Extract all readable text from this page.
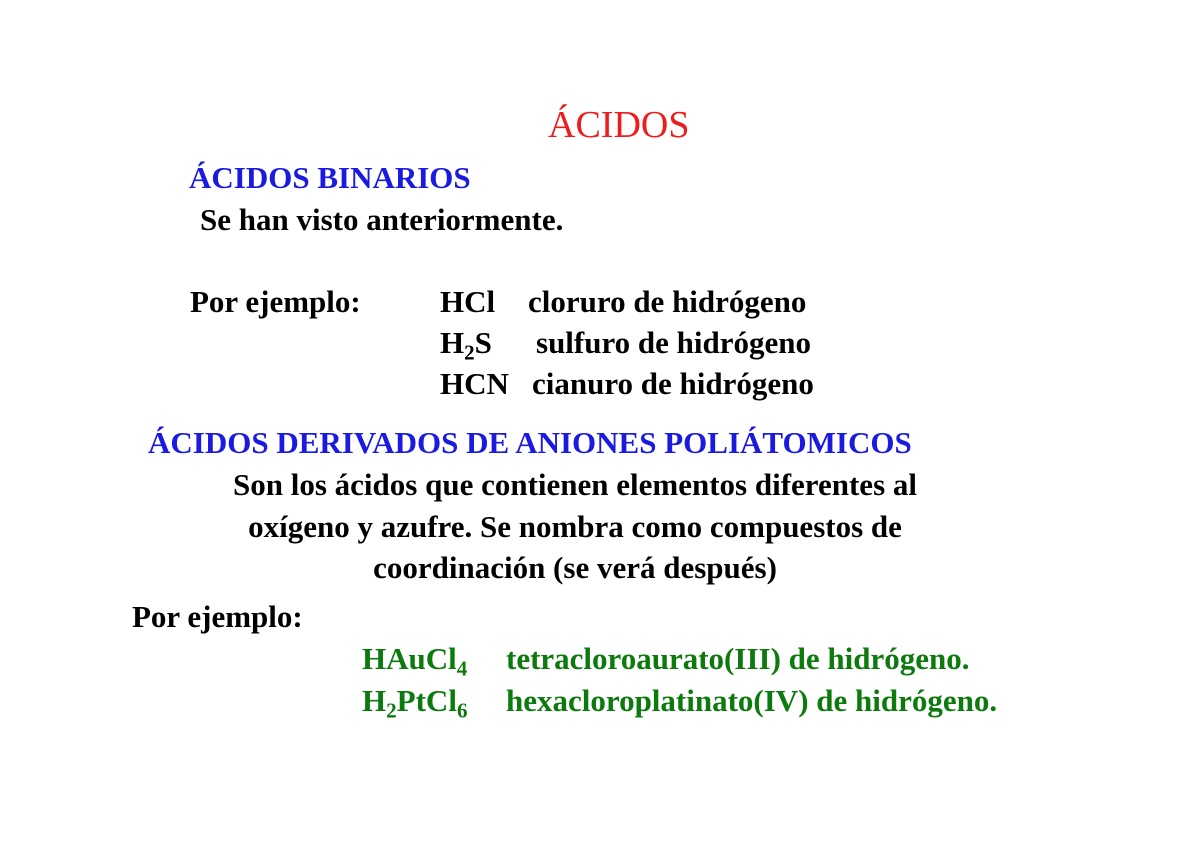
ÁCIDOS
ÁCIDOS BINARIOS
Se han visto anteriormente.
Por ejemplo:	HCl cloruro de hidrógeno
$H_2S$ sulfuro de hidrógeno
HCN cianuro de hidrógeno
ÁCIDOS DERIVADOS DE ANIONES POLIÁTOMICOS
Son los ácidos que contienen elementos diferentes al
oxígeno y azufre. Se nombra como compuestos de
coordinación (se verá después)
Por ejemplo:
HAuCl$_4$ tetracloroaurato(III) de hidrógeno.
$H_2PtCl_6$ hexacloroplatinato(IV) de hidrógeno.
